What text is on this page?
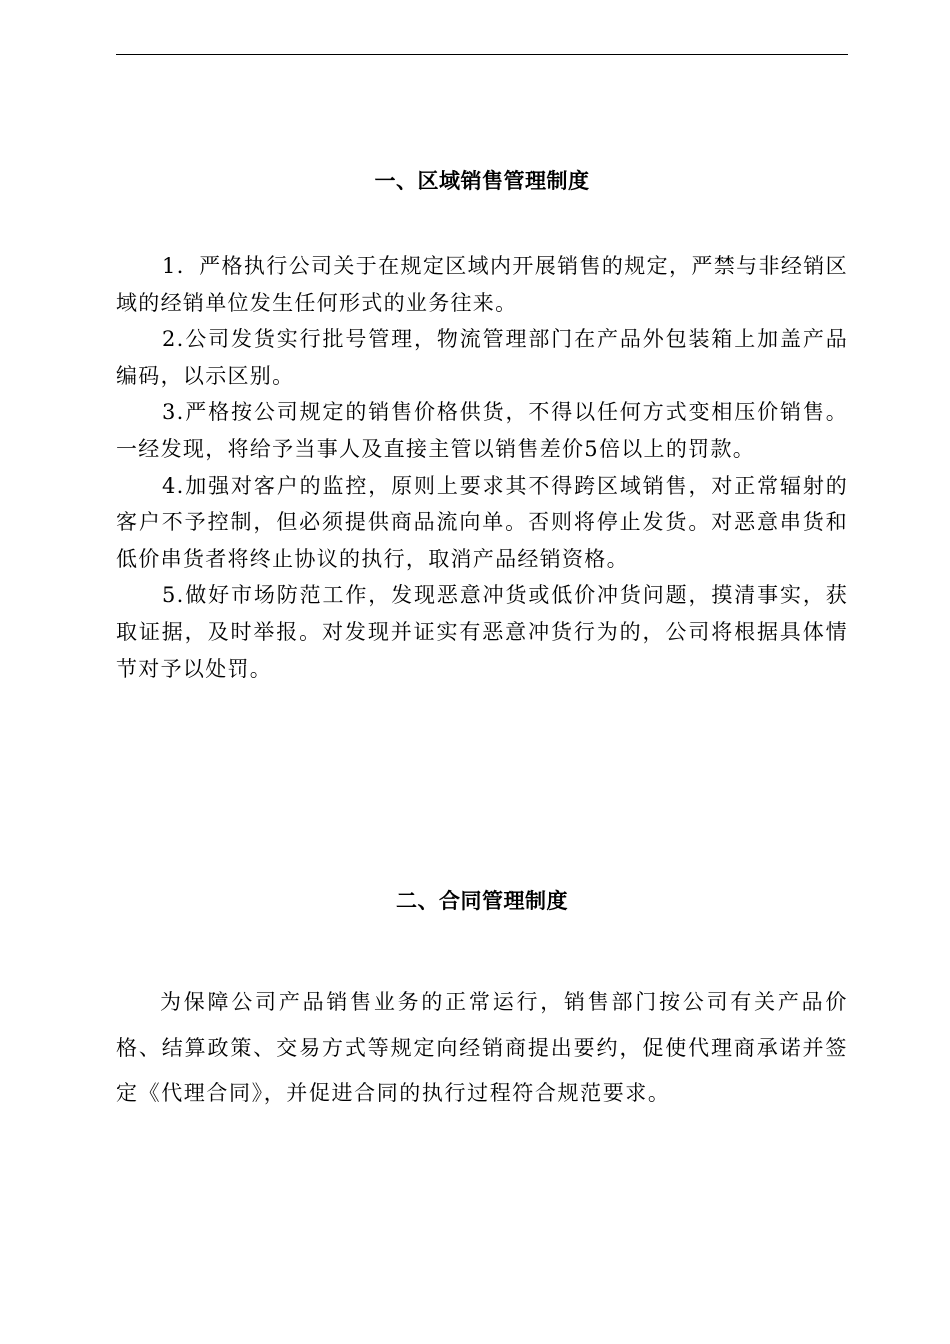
一、区域销售管理制度

1．严格执行公司关于在规定区域内开展销售的规定，严禁与非经销区域的经销单位发生任何形式的业务往来。

2.公司发货实行批号管理，物流管理部门在产品外包装箱上加盖产品编码，以示区别。

3.严格按公司规定的销售价格供货，不得以任何方式变相压价销售。一经发现，将给予当事人及直接主管以销售差价5倍以上的罚款。

4.加强对客户的监控，原则上要求其不得跨区域销售，对正常辐射的客户不予控制，但必须提供商品流向单。否则将停止发货。对恶意串货和低价串货者将终止协议的执行，取消产品经销资格。

5.做好市场防范工作，发现恶意冲货或低价冲货问题，摸清事实，获取证据，及时举报。对发现并证实有恶意冲货行为的，公司将根据具体情节对予以处罚。

二、合同管理制度

为保障公司产品销售业务的正常运行，销售部门按公司有关产品价格、结算政策、交易方式等规定向经销商提出要约，促使代理商承诺并签定《代理合同》，并促进合同的执行过程符合规范要求。
